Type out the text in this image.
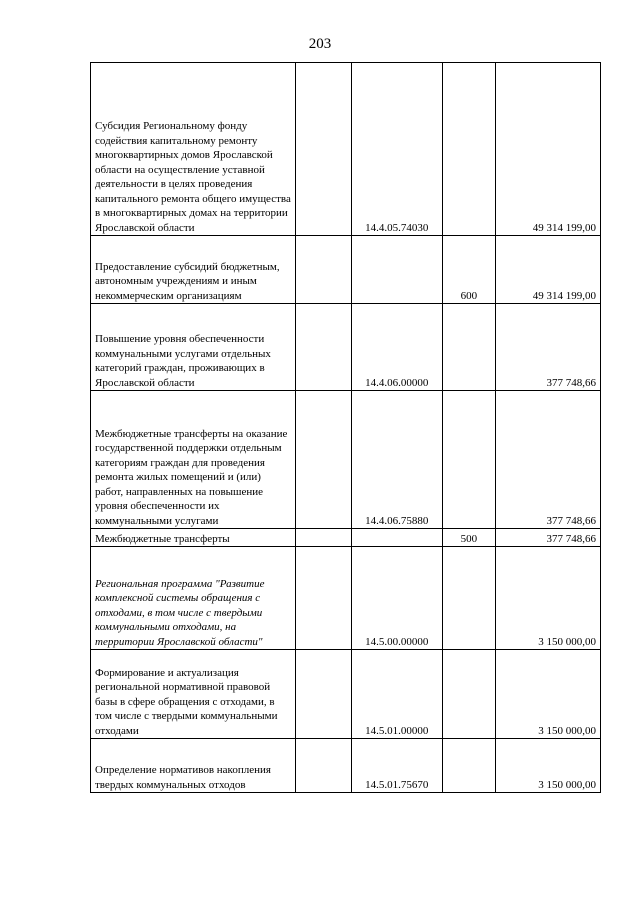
203
Субсидия Региональному фонду содействия капитальному ремонту многоквартирных домов Ярославской области на осуществление уставной деятельности в целях проведения капитального ремонта общего имущества в многоквартирных домах на территории Ярославской области		14.4.05.74030		49 314 199,00
Предоставление субсидий бюджетным, автономным учреждениям и иным некоммерческим организациям			600	49 314 199,00
Повышение уровня обеспеченности коммунальными услугами отдельных категорий граждан, проживающих в Ярославской области		14.4.06.00000		377 748,66
Межбюджетные трансферты на оказание государственной поддержки отдельным категориям граждан для проведения ремонта жилых помещений и (или) работ, направленных на повышение уровня обеспеченности их коммунальными услугами		14.4.06.75880		377 748,66
Межбюджетные трансферты			500	377 748,66
Региональная программа "Развитие комплексной системы обращения с отходами, в том числе с твердыми коммунальными отходами, на территории Ярославской области"		14.5.00.00000		3 150 000,00
Формирование и актуализация региональной нормативной правовой базы в сфере обращения с отходами, в том числе с твердыми коммунальными отходами		14.5.01.00000		3 150 000,00
Определение нормативов накопления твердых коммунальных отходов		14.5.01.75670		3 150 000,00
